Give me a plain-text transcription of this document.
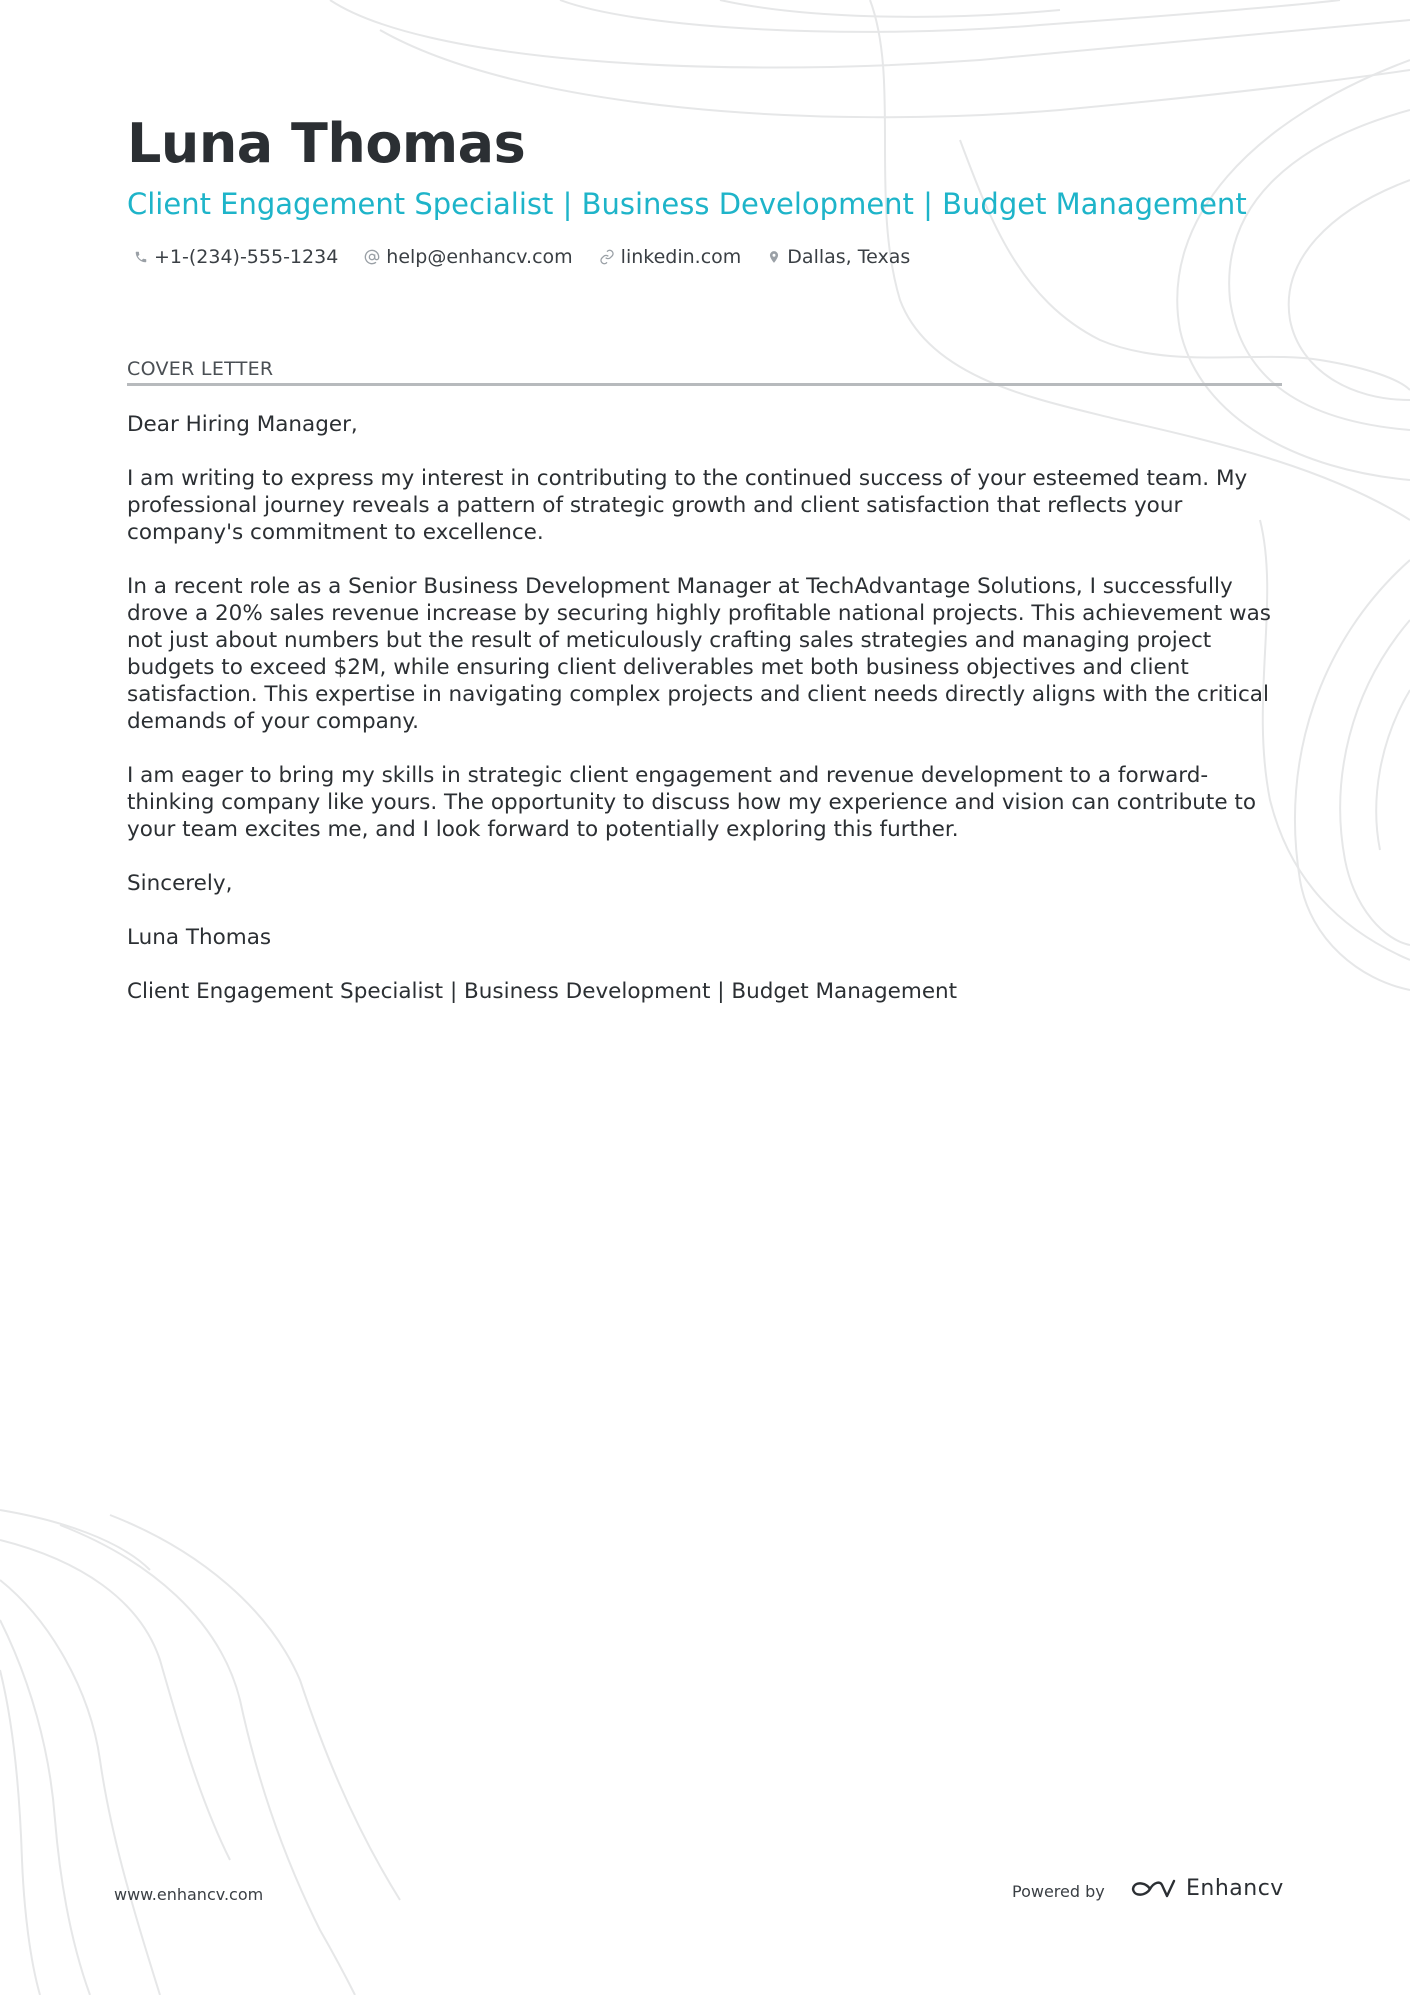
Luna Thomas
Client Engagement Specialist | Business Development | Budget Management
+1-(234)-555-1234	help@enhancv.com	linkedin.com Dallas, Texas
COVER LETTER

Dear Hiring Manager,

I am writing to express my interest in contributing to the continued success of your esteemed team. My professional journey reveals a pattern of strategic growth and client satisfaction that reflects your company's commitment to excellence.

In a recent role as a Senior Business Development Manager at TechAdvantage Solutions, I successfully drove a 20% sales revenue increase by securing highly profitable national projects. This achievement was not just about numbers but the result of meticulously crafting sales strategies and managing project budgets to exceed $2M, while ensuring client deliverables met both business objectives and client satisfaction. This expertise in navigating complex projects and client needs directly aligns with the critical demands of your company.

I am eager to bring my skills in strategic client engagement and revenue development to a forward-thinking company like yours. The opportunity to discuss how my experience and vision can contribute to your team excites me, and I look forward to potentially exploring this further.

Sincerely,

Luna Thomas

Client Engagement Specialist | Business Development | Budget Management

www.enhancv.com	Powered by	Enhancv
